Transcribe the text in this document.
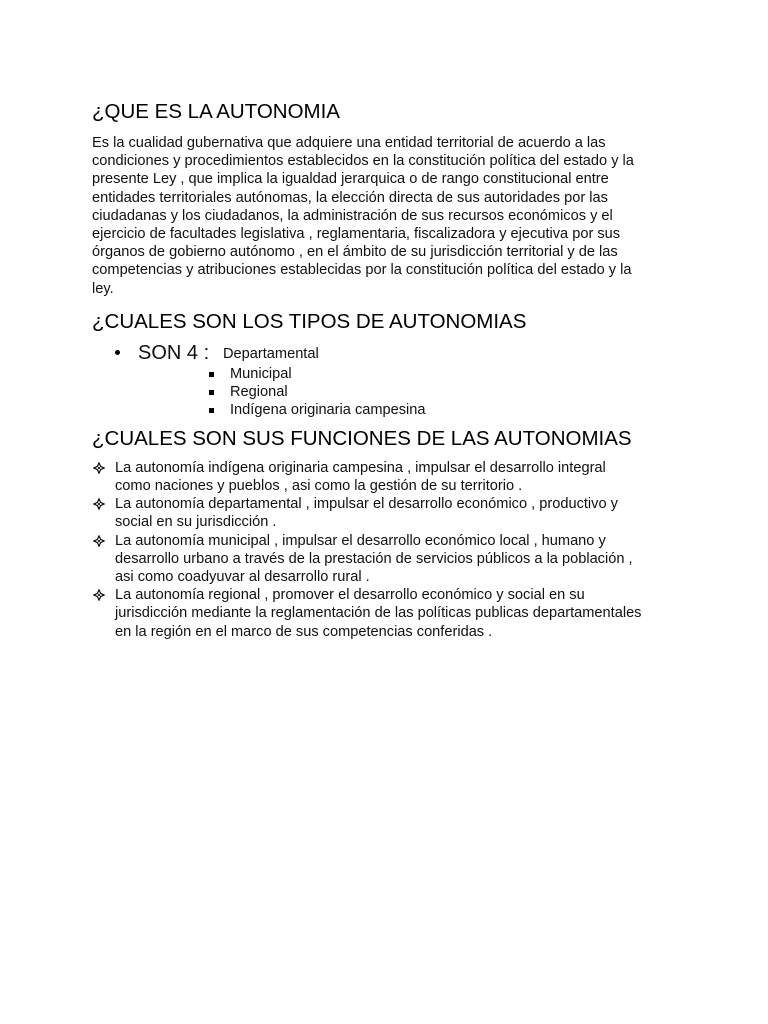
¿QUE ES LA AUTONOMIA
Es la cualidad gubernativa que adquiere una entidad territorial de acuerdo a las
condiciones y procedimientos establecidos en la constitución política del estado y la
presente Ley , que implica la igualdad jerarquica o de rango constitucional entre
entidades territoriales autónomas, la elección directa de sus autoridades por las
ciudadanas y los ciudadanos, la administración de sus recursos económicos y el
ejercicio de facultades legislativa , reglamentaria, fiscalizadora y ejecutiva por sus
órganos de gobierno autónomo , en el ámbito de su jurisdicción territorial y de las
competencias y atribuciones establecidas por la constitución política del estado y la
ley.
¿CUALES SON LOS TIPOS DE AUTONOMIAS
SON 4 : Departamental
Municipal
Regional
Indígena originaria campesina
¿CUALES SON SUS FUNCIONES DE LAS AUTONOMIAS
La autonomía indígena originaria campesina , impulsar el desarrollo integral
como naciones y pueblos , asi como la gestión de su territorio .
La autonomía departamental , impulsar el desarrollo económico , productivo y
social en su jurisdicción .
La autonomía municipal , impulsar el desarrollo económico local , humano y
desarrollo urbano a través de la prestación de servicios públicos a la población ,
asi como coadyuvar al desarrollo rural .
La autonomía regional , promover el desarrollo económico y social en su
jurisdicción mediante la reglamentación de las políticas publicas departamentales
en la región en el marco de sus competencias conferidas .
